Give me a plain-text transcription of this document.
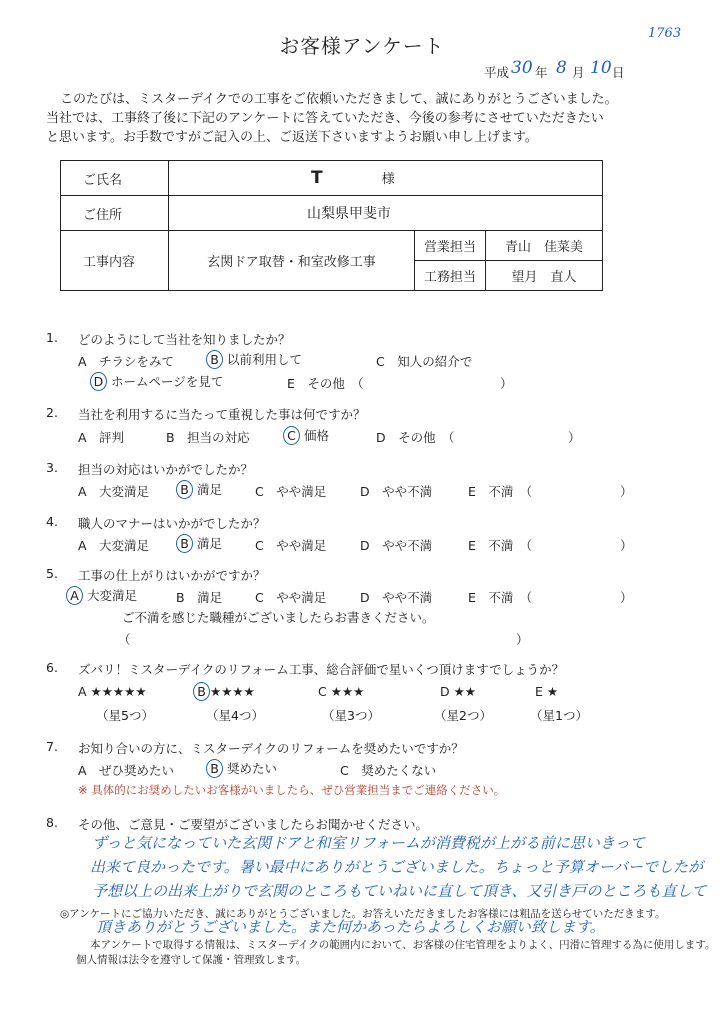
1763
お客様アンケート
平成 30 年 8 月 10 日
このたびは、ミスターデイクでの工事をご依頼いただきまして、誠にありがとうございました。
当社では、工事終了後に下記のアンケートに答えていただき、今後の参考にさせていただきたい
と思います。お手数ですがご記入の上、ご返送下さいますようお願い申し上げます。
ご氏名	T 様		
ご住所	山梨県甲斐市		
工事内容	玄関ドア取替・和室改修工事	営業担当	青山　佳菜美
		工務担当	望月　直人
1. どのようにして当社を知りましたか？
A　チラシをみて	B 以前利用して	C　知人の紹介で
D ホームページを見て	E　その他　（	）
2. 当社を利用するに当たって重視した事は何ですか？
A　評判	B　担当の対応	C 価格	D　その他　（	）
3. 担当の対応はいかがでしたか？
A　大変満足	B 満足	C　やや満足	D　やや不満	E　不満　（	）
4. 職人のマナーはいかがでしたか？
A　大変満足	B 満足	C　やや満足	D　やや不満	E　不満　（	）
5. 工事の仕上がりはいかがですか？
A 大変満足	B　満足	C　やや満足	D　やや不満	E　不満　（	）
ご不満を感じた職種がございましたらお書きください。
（	）
6. ズバリ！ミスターデイクのリフォーム工事、総合評価で星いくつ頂けますでしょうか？
A ★★★★★	B ★★★★	C ★★★	D ★★	E ★
（星5つ）	（星4つ）	（星3つ）	（星2つ）	（星1つ）
7. お知り合いの方に、ミスターデイクのリフォームを奨めたいですか？
A　ぜひ奨めたい	B 奨めたい	C　奨めたくない
※ 具体的にお奨めしたいお客様がいましたら、ぜひ営業担当までご連絡ください。
8. その他、ご意見・ご要望がございましたらお聞かせください。
ずっと気になっていた玄関ドアと和室リフォームが消費税が上がる前に思いきって
出来て良かったです。暑い最中にありがとうございました。ちょっと予算オーバーでしたが
予想以上の出来上がりで玄関のところもていねいに直して頂き、又引き戸のところも直して
頂きありがとうございました。また何かあったらよろしくお願い致します。
◎アンケートにご協力いただき、誠にありがとうございました。お答えいただきましたお客様には粗品を送らせていただきます。
本アンケートで取得する情報は、ミスターデイクの範囲内において、お客様の住宅管理をよりよく、円滑に管理する為に使用します。
個人情報は法令を遵守して保護・管理致します。
